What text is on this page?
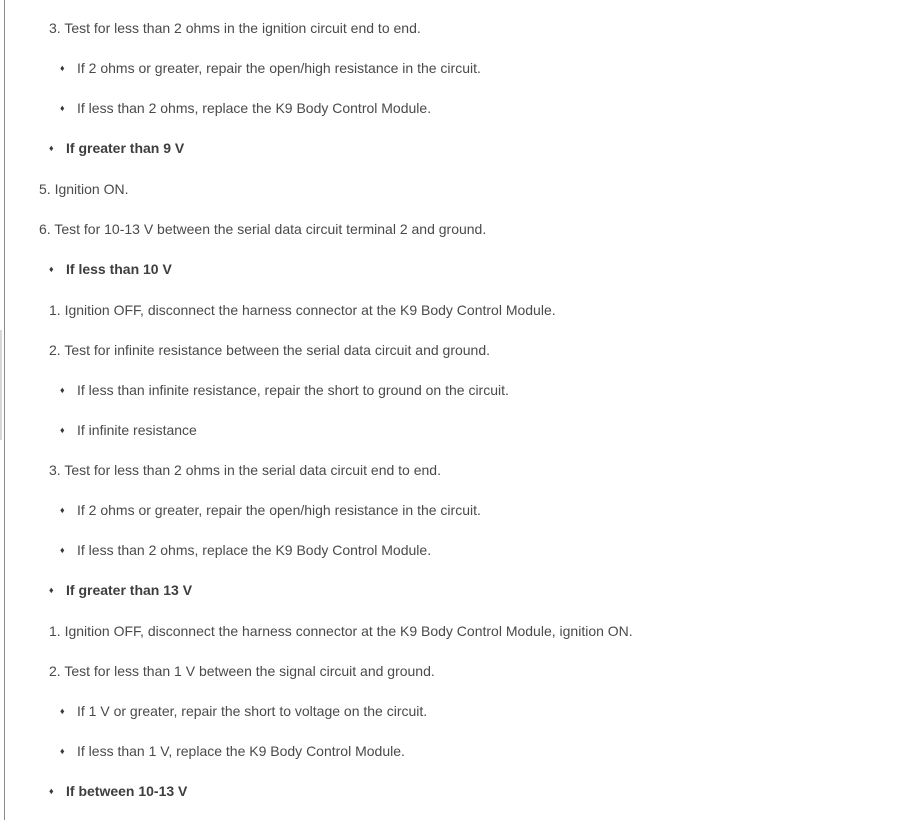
3. Test for less than 2 ohms in the ignition circuit end to end.
♦ If 2 ohms or greater, repair the open/high resistance in the circuit.
♦ If less than 2 ohms, replace the K9 Body Control Module.
♦ If greater than 9 V
5. Ignition ON.
6. Test for 10-13 V between the serial data circuit terminal 2 and ground.
♦ If less than 10 V
1. Ignition OFF, disconnect the harness connector at the K9 Body Control Module.
2. Test for infinite resistance between the serial data circuit and ground.
♦ If less than infinite resistance, repair the short to ground on the circuit.
♦ If infinite resistance
3. Test for less than 2 ohms in the serial data circuit end to end.
♦ If 2 ohms or greater, repair the open/high resistance in the circuit.
♦ If less than 2 ohms, replace the K9 Body Control Module.
♦ If greater than 13 V
1. Ignition OFF, disconnect the harness connector at the K9 Body Control Module, ignition ON.
2. Test for less than 1 V between the signal circuit and ground.
♦ If 1 V or greater, repair the short to voltage on the circuit.
♦ If less than 1 V, replace the K9 Body Control Module.
♦ If between 10-13 V
